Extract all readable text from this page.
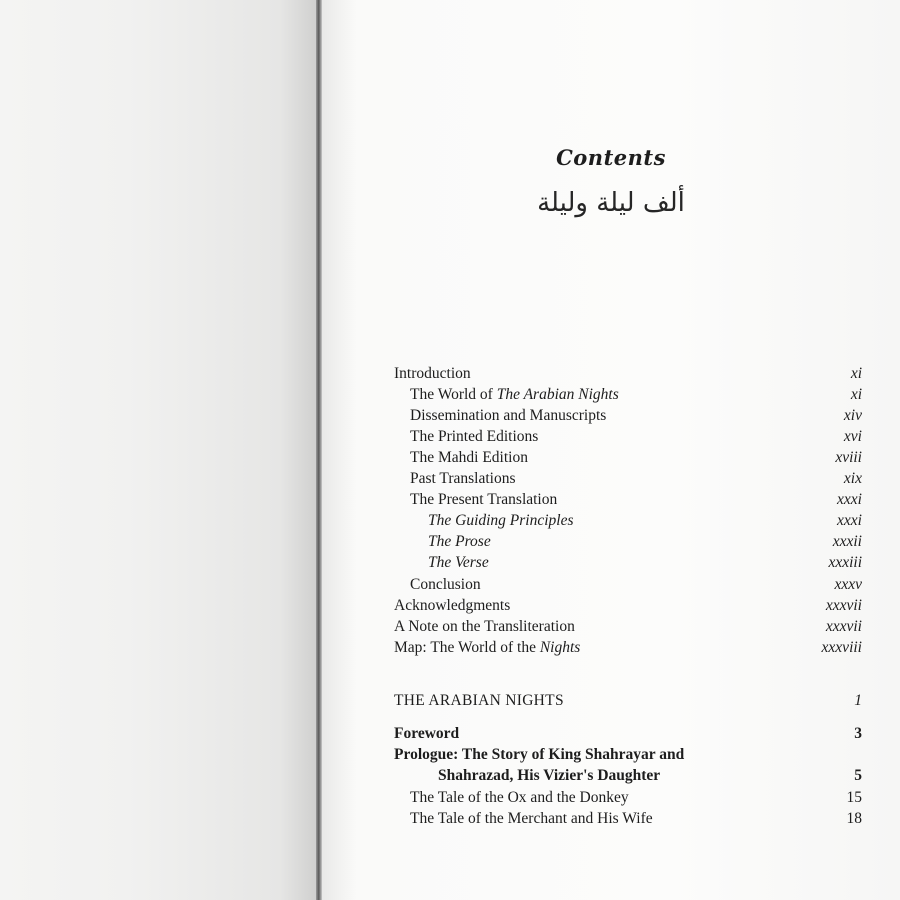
Contents
ألف ليلة وليلة
Introduction	xi
The World of The Arabian Nights	xi
Dissemination and Manuscripts	xiv
The Printed Editions	xvi
The Mahdi Edition	xviii
Past Translations	xix
The Present Translation	xxxi
The Guiding Principles	xxxi
The Prose	xxxii
The Verse	xxxiii
Conclusion	xxxv
Acknowledgments	xxxvii
A Note on the Transliteration	xxxvii
Map: The World of the Nights	xxxviii
THE ARABIAN NIGHTS	1
Foreword	3
Prologue: The Story of King Shahrayar and
Shahrazad, His Vizier's Daughter	5
The Tale of the Ox and the Donkey	15
The Tale of the Merchant and His Wife	18
